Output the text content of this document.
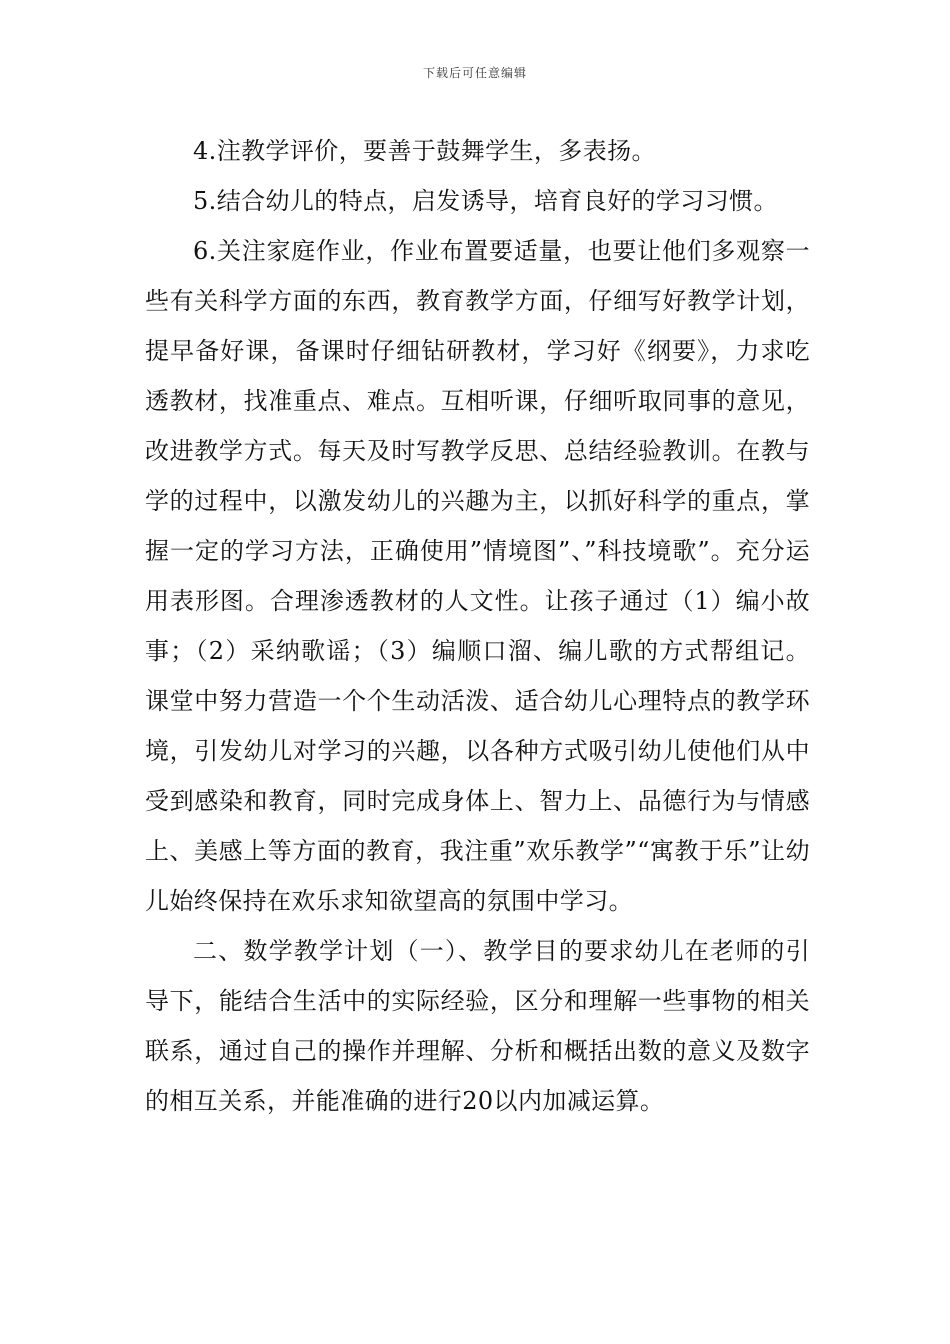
下载后可任意编辑

4.注教学评价，要善于鼓舞学生，多表扬。

5.结合幼儿的特点，启发诱导，培育良好的学习习惯。

6.关注家庭作业，作业布置要适量，也要让他们多观察一些有关科学方面的东西，教育教学方面，仔细写好教学计划，提早备好课，备课时仔细钻研教材，学习好《纲要》，力求吃透教材，找准重点、难点。互相听课，仔细听取同事的意见，改进教学方式。每天及时写教学反思、总结经验教训。在教与学的过程中，以激发幼儿的兴趣为主，以抓好科学的重点，掌握一定的学习方法，正确使用”情境图”、”科技境歌”。充分运用表形图。合理渗透教材的人文性。让孩子通过（1）编小故事；（2）采纳歌谣；（3）编顺口溜、编儿歌的方式帮组记。课堂中努力营造一个个生动活泼、适合幼儿心理特点的教学环境，引发幼儿对学习的兴趣，以各种方式吸引幼儿使他们从中受到感染和教育，同时完成身体上、智力上、品德行为与情感上、美感上等方面的教育，我注重”欢乐教学”“寓教于乐”让幼儿始终保持在欢乐求知欲望高的氛围中学习。

二、数学教学计划（一）、教学目的要求幼儿在老师的引导下，能结合生活中的实际经验，区分和理解一些事物的相关联系，通过自己的操作并理解、分析和概括出数的意义及数字的相互关系，并能准确的进行20以内加减运算。
